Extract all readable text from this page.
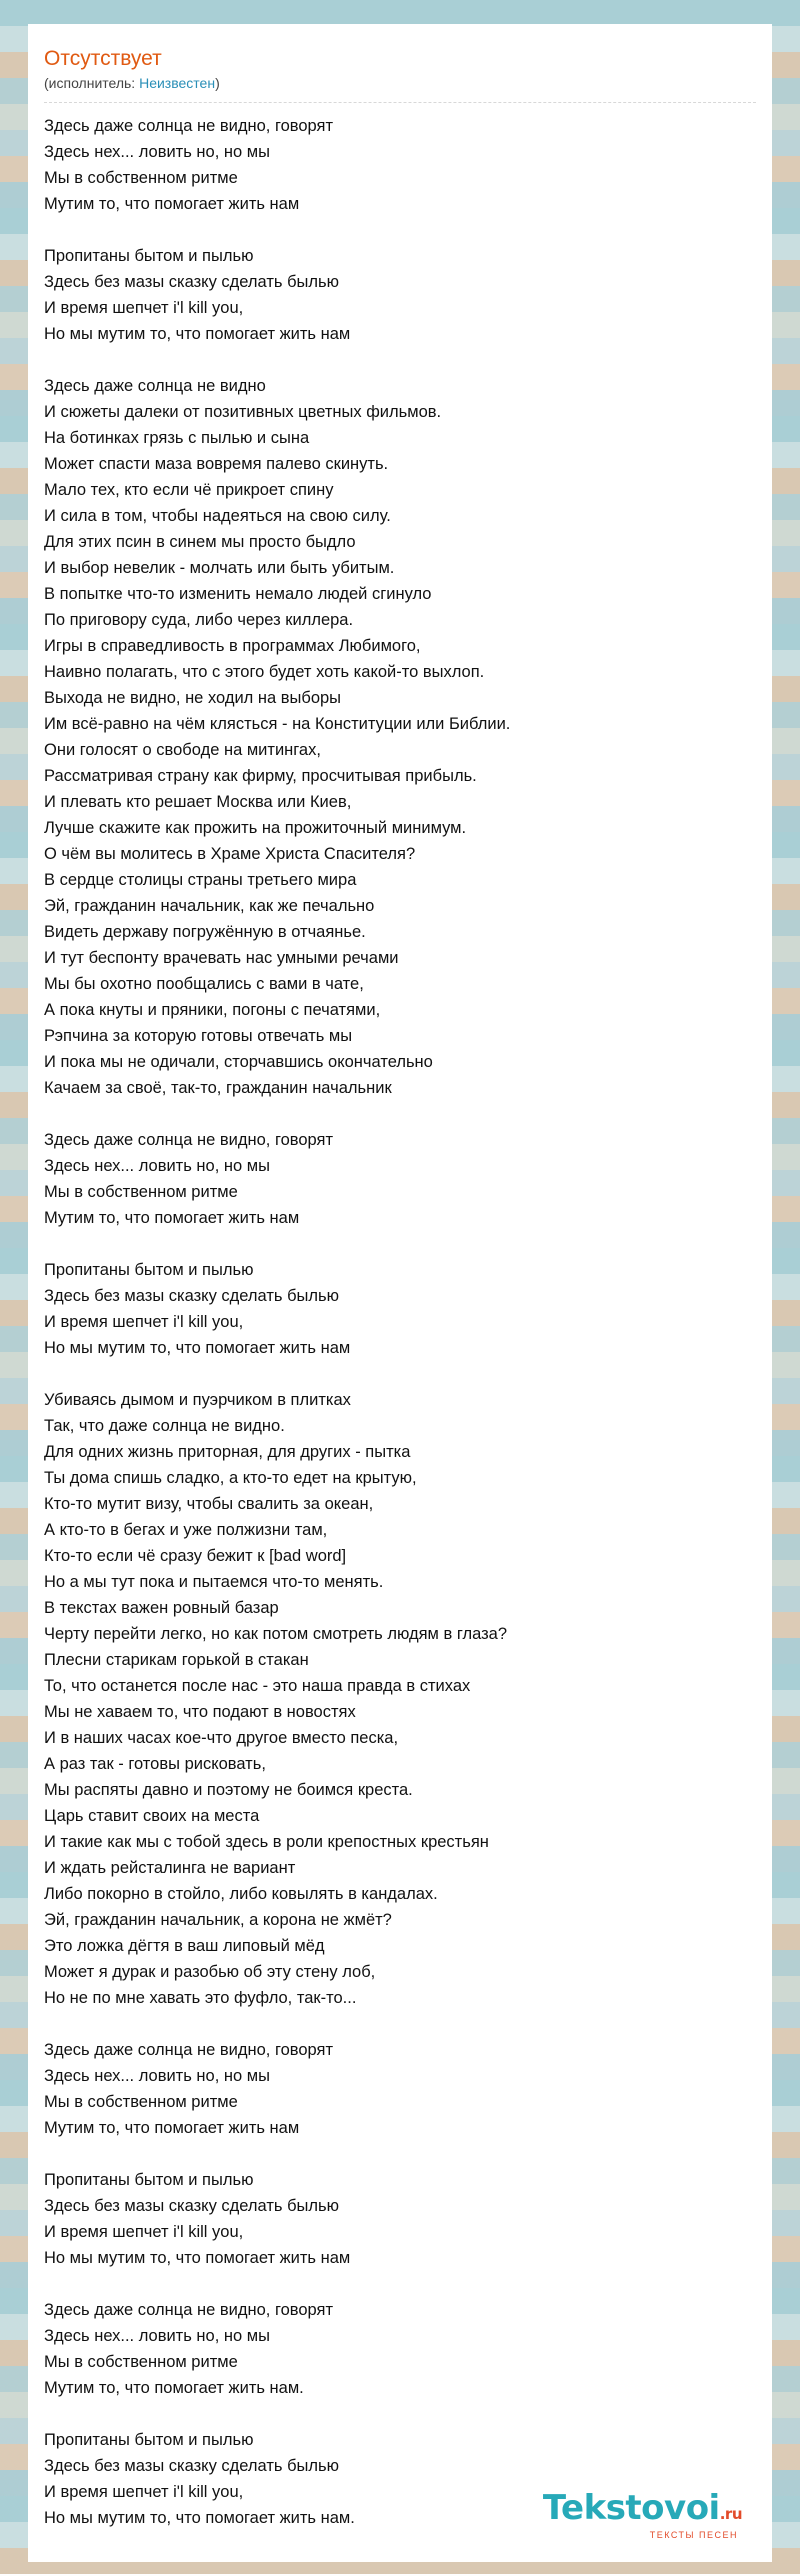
Отсутствует
(исполнитель: Неизвестен)
Здесь даже солнца не видно, говорят
Здесь нех... ловить но, но мы
Мы в собственном ритме
Мутим то, что помогает жить нам

Пропитаны бытом и пылью
Здесь без мазы сказку сделать былью
И время шепчет i'l kill you,
Но мы мутим то, что помогает жить нам

Здесь даже солнца не видно
И сюжеты далеки от позитивных цветных фильмов.
На ботинках грязь с пылью и сына
Может спасти маза вовремя палево скинуть.
Мало тех, кто если чё прикроет спину
И сила в том, чтобы надеяться на свою силу.
Для этих псин в синем мы просто быдло
И выбор невелик - молчать или быть убитым.
В попытке что-то изменить немало людей сгинуло
По приговору суда, либо через киллера.
Игры в справедливость в программах Любимого,
Наивно полагать, что с этого будет хоть какой-то выхлоп.
Выхода не видно, не ходил на выборы
Им всё-равно на чём клясться - на Конституции или Библии.
Они голосят о свободе на митингах,
Рассматривая страну как фирму, просчитывая прибыль.
И плевать кто решает Москва или Киев,
Лучше скажите как прожить на прожиточный минимум.
О чём вы молитесь в Храме Христа Спасителя?
В сердце столицы страны третьего мира
Эй, гражданин начальник, как же печально
Видеть державу погружённую в отчаянье.
И тут беспонту врачевать нас умными речами
Мы бы охотно пообщались с вами в чате,
А пока кнуты и пряники, погоны с печатями,
Рэпчина за которую готовы отвечать мы
И пока мы не одичали, сторчавшись окончательно
Качаем за своё, так-то, гражданин начальник

Здесь даже солнца не видно, говорят
Здесь нех... ловить но, но мы
Мы в собственном ритме
Мутим то, что помогает жить нам

Пропитаны бытом и пылью
Здесь без мазы сказку сделать былью
И время шепчет i'l kill you,
Но мы мутим то, что помогает жить нам

Убиваясь дымом и пуэрчиком в плитках
Так, что даже солнца не видно.
Для одних жизнь приторная, для других - пытка
Ты дома спишь сладко, а кто-то едет на крытую,
Кто-то мутит визу, чтобы свалить за океан,
А кто-то в бегах и уже полжизни там,
Кто-то если чё сразу бежит к [bad word]
Но а мы тут пока и пытаемся что-то менять.
В текстах важен ровный базар
Черту перейти легко, но как потом смотреть людям в глаза?
Плесни старикам горькой в стакан
То, что останется после нас - это наша правда в стихах
Мы не хаваем то, что подают в новостях
И в наших часах кое-что другое вместо песка,
А раз так - готовы рисковать,
Мы распяты давно и поэтому не боимся креста.
Царь ставит своих на места
И такие как мы с тобой здесь в роли крепостных крестьян
И ждать рейсталинга не вариант
Либо покорно в стойло, либо ковылять в кандалах.
Эй, гражданин начальник, а корона не жмёт?
Это ложка дёгтя в ваш липовый мёд
Может я дурак и разобью об эту стену лоб,
Но не по мне хавать это фуфло, так-то...

Здесь даже солнца не видно, говорят
Здесь нех... ловить но, но мы
Мы в собственном ритме
Мутим то, что помогает жить нам

Пропитаны бытом и пылью
Здесь без мазы сказку сделать былью
И время шепчет i'l kill you,
Но мы мутим то, что помогает жить нам

Здесь даже солнца не видно, говорят
Здесь нех... ловить но, но мы
Мы в собственном ритме
Мутим то, что помогает жить нам.

Пропитаны бытом и пылью
Здесь без мазы сказку сделать былью
И время шепчет i'l kill you,
Но мы мутим то, что помогает жить нам.	Tekstovoi.ru
ТЕКСТЫ ПЕСЕН
